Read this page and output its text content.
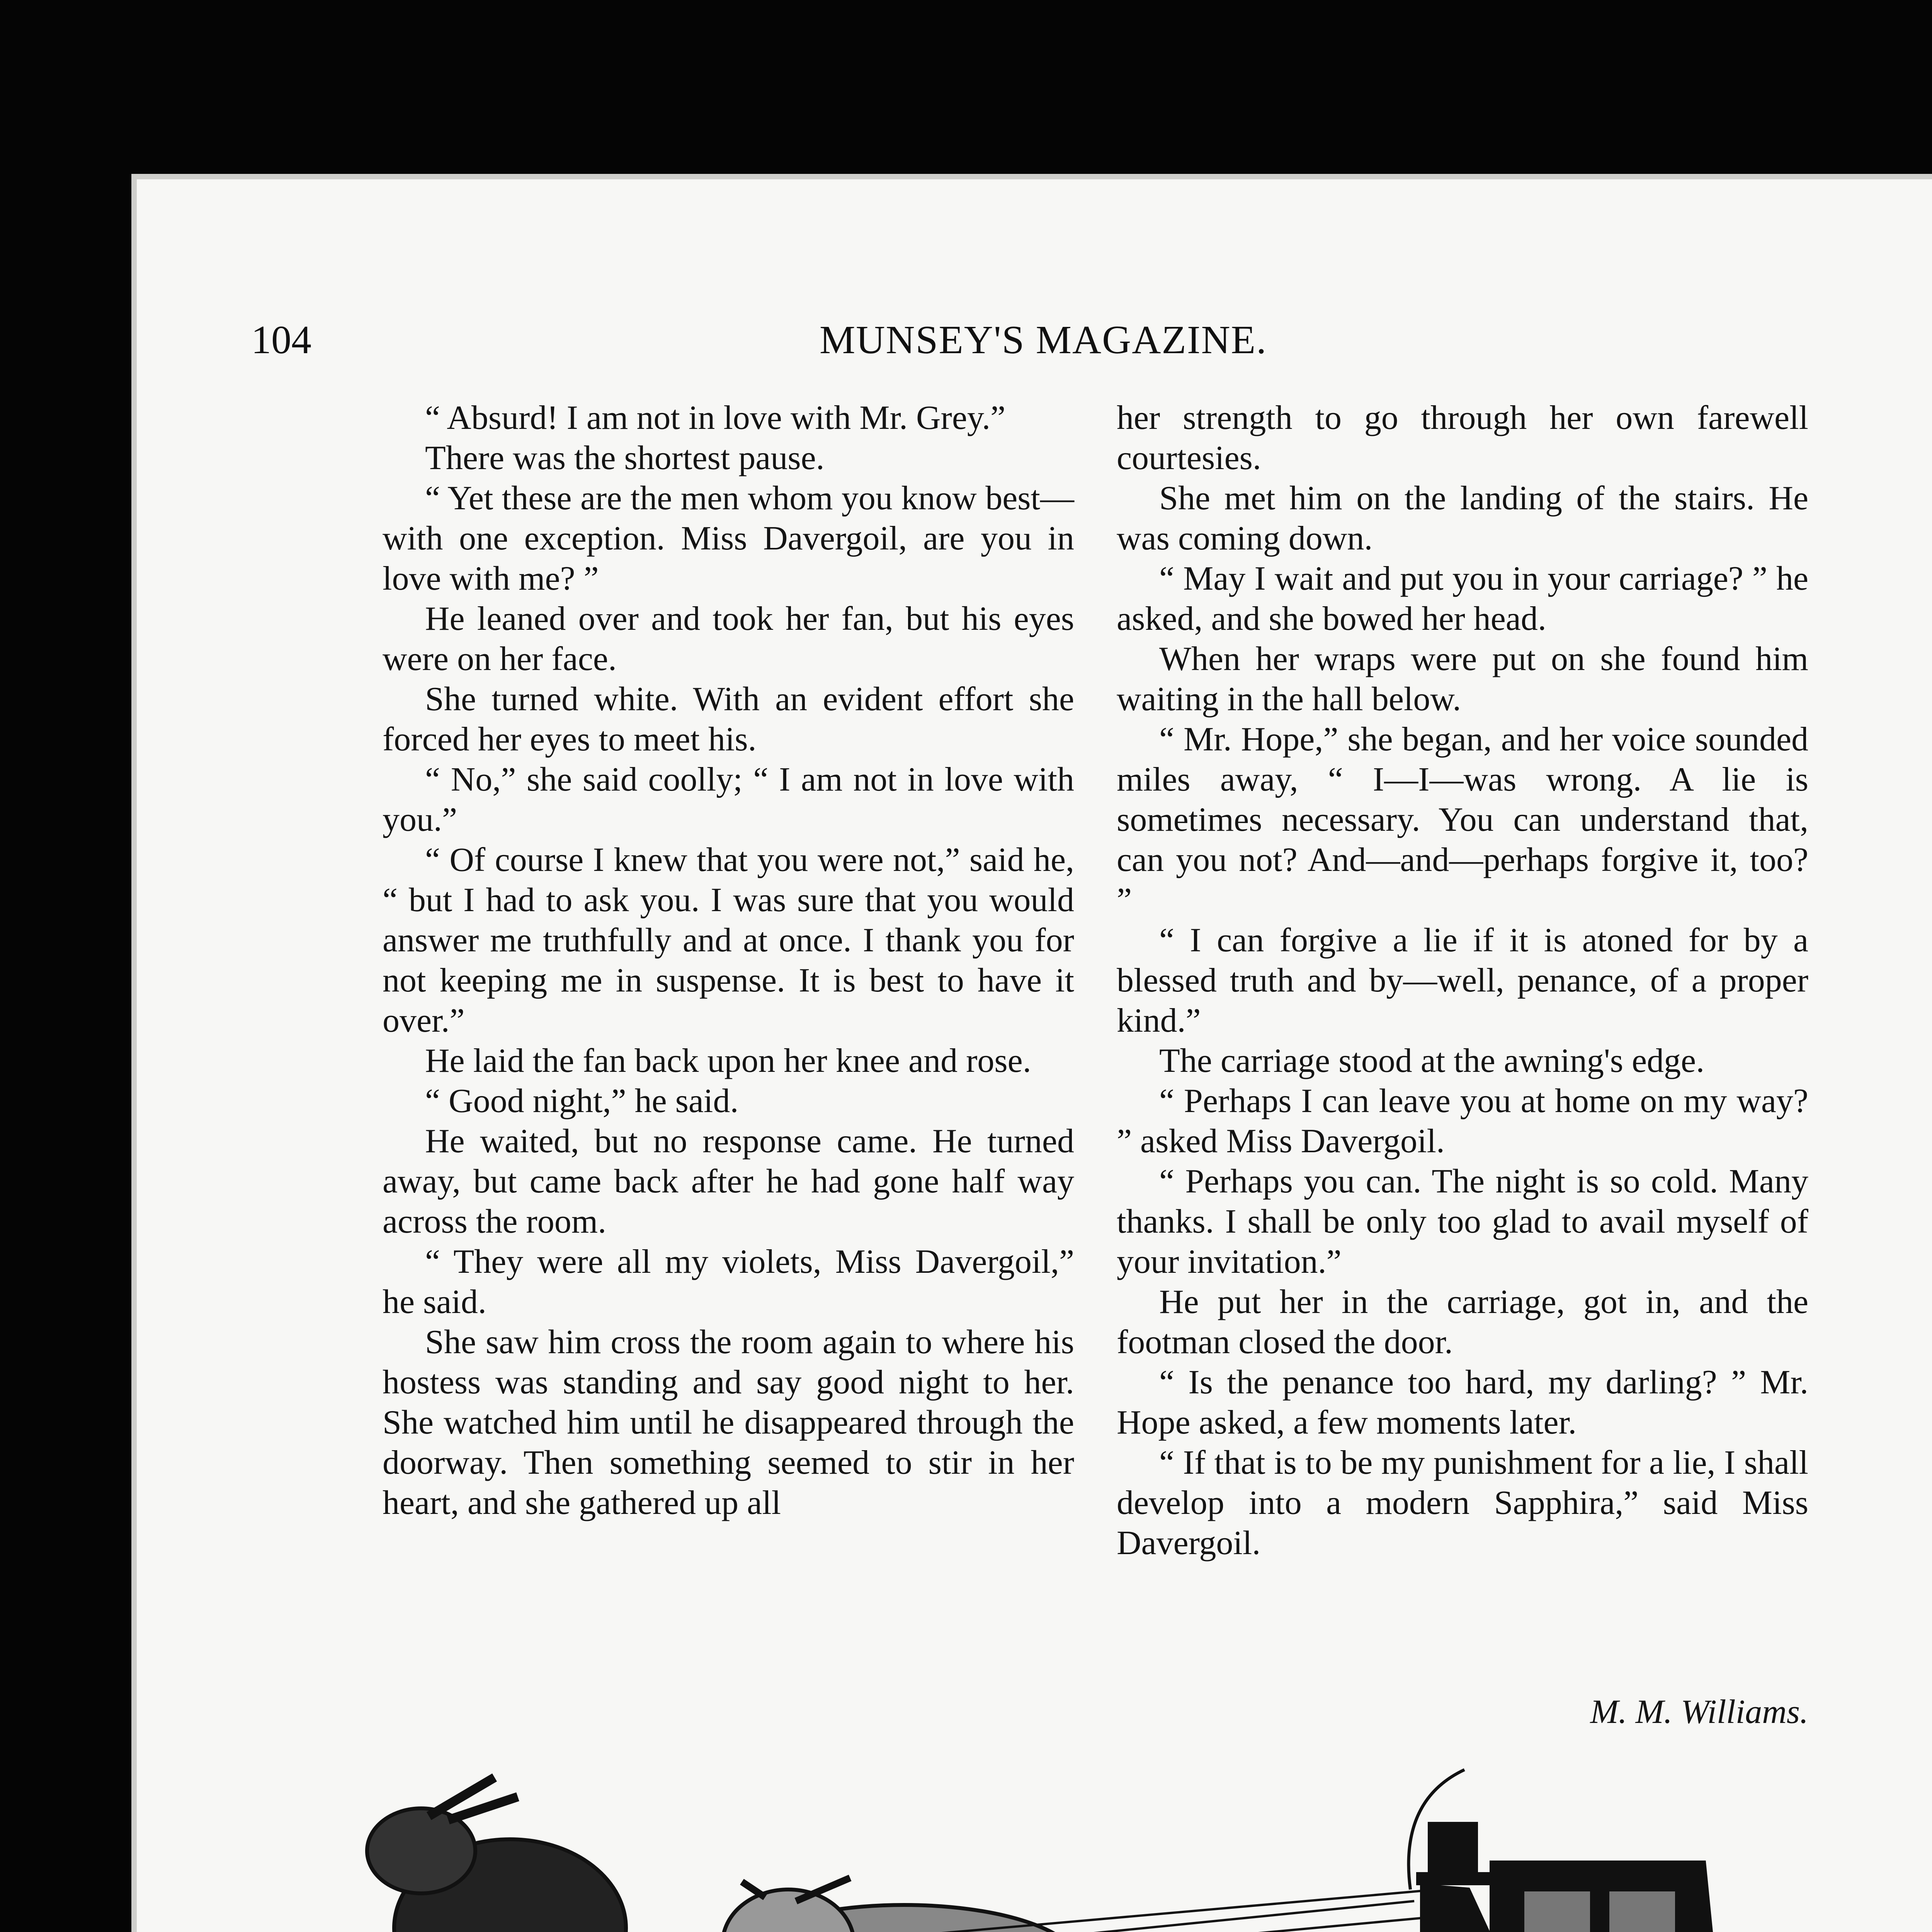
104	MUNSEY'S MAGAZINE.

“ Absurd! I am not in love with Mr. Grey.”

There was the shortest pause.

“ Yet these are the men whom you know best—with one exception. Miss Davergoil, are you in love with me? ”

He leaned over and took her fan, but his eyes were on her face.

She turned white. With an evident effort she forced her eyes to meet his.

“ No,” she said coolly; “ I am not in love with you.”

“ Of course I knew that you were not,” said he, “ but I had to ask you. I was sure that you would answer me truthfully and at once. I thank you for not keeping me in suspense. It is best to have it over.”

He laid the fan back upon her knee and rose.

“ Good night,” he said.

He waited, but no response came. He turned away, but came back after he had gone half way across the room.

“ They were all my violets, Miss Davergoil,” he said.

She saw him cross the room again to where his hostess was standing and say good night to her. She watched him until he disappeared through the doorway. Then something seemed to stir in her heart, and she gathered up all

her strength to go through her own farewell courtesies.

She met him on the landing of the stairs. He was coming down.

“ May I wait and put you in your carriage? ” he asked, and she bowed her head.

When her wraps were put on she found him waiting in the hall below.

“ Mr. Hope,” she began, and her voice sounded miles away, “ I—I—was wrong. A lie is sometimes necessary. You can understand that, can you not? And—and—perhaps forgive it, too? ”

“ I can forgive a lie if it is atoned for by a blessed truth and by—well, penance, of a proper kind.”

The carriage stood at the awning's edge.

“ Perhaps I can leave you at home on my way? ” asked Miss Davergoil.

“ Perhaps you can. The night is so cold. Many thanks. I shall be only too glad to avail myself of your invitation.”

He put her in the carriage, got in, and the footman closed the door.

“ Is the penance too hard, my darling? ” Mr. Hope asked, a few moments later.

“ If that is to be my punishment for a lie, I shall develop into a modern Sapphira,” said Miss Davergoil.

M. M. Williams.
